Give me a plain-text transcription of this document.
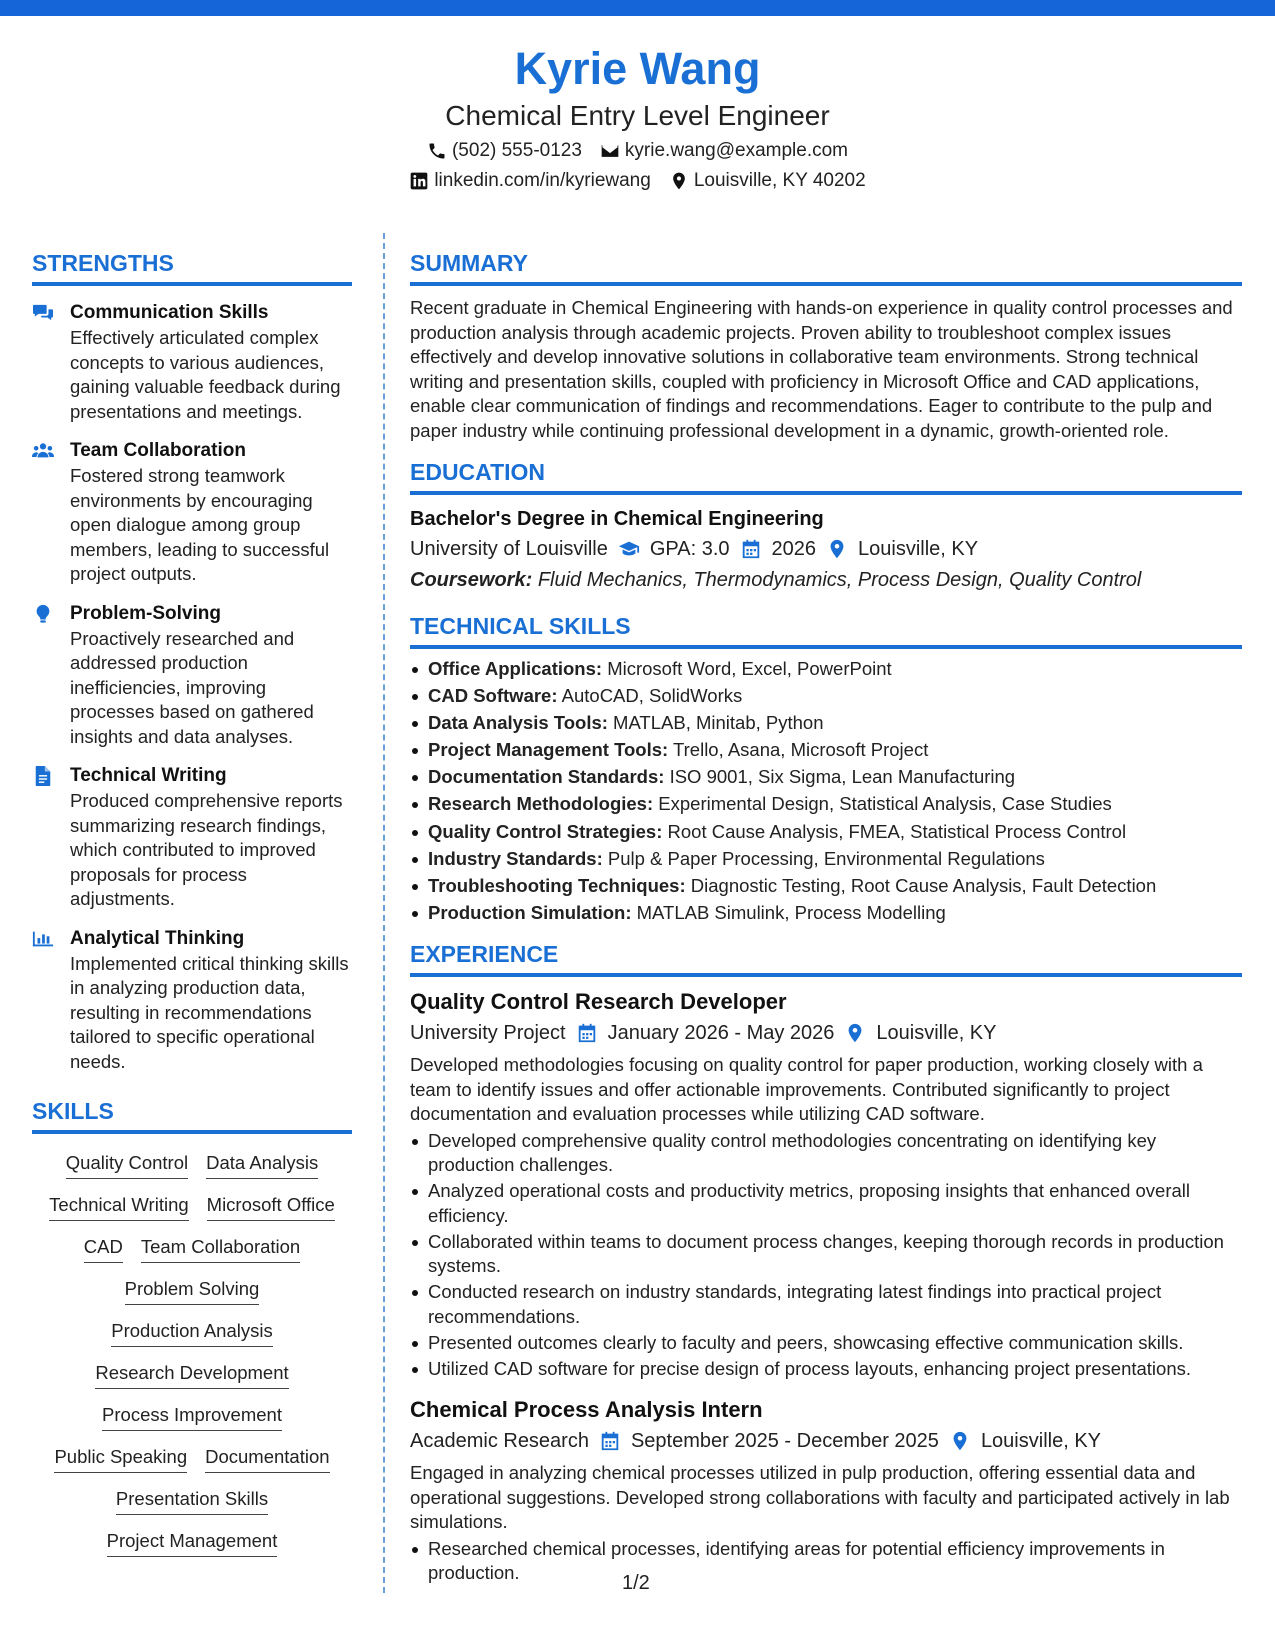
Kyrie Wang
Chemical Entry Level Engineer
(502) 555-0123 kyrie.wang@example.com
linkedin.com/in/kyriewang Louisville, KY 40202
STRENGTHS
Communication Skills
Effectively articulated complex concepts to various audiences, gaining valuable feedback during presentations and meetings.
Team Collaboration
Fostered strong teamwork environments by encouraging open dialogue among group members, leading to successful project outputs.
Problem-Solving
Proactively researched and addressed production inefficiencies, improving processes based on gathered insights and data analyses.
Technical Writing
Produced comprehensive reports summarizing research findings, which contributed to improved proposals for process adjustments.
Analytical Thinking
Implemented critical thinking skills in analyzing production data, resulting in recommendations tailored to specific operational needs.
SKILLS
Quality Control Data Analysis
Technical Writing Microsoft Office
CAD Team Collaboration
Problem Solving
Production Analysis
Research Development
Process Improvement
Public Speaking Documentation
Presentation Skills
Project Management
SUMMARY
Recent graduate in Chemical Engineering with hands-on experience in quality control processes and production analysis through academic projects. Proven ability to troubleshoot complex issues effectively and develop innovative solutions in collaborative team environments. Strong technical writing and presentation skills, coupled with proficiency in Microsoft Office and CAD applications, enable clear communication of findings and recommendations. Eager to contribute to the pulp and paper industry while continuing professional development in a dynamic, growth-oriented role.
EDUCATION
Bachelor's Degree in Chemical Engineering
University of Louisville GPA: 3.0 2026 Louisville, KY
Coursework: Fluid Mechanics, Thermodynamics, Process Design, Quality Control
TECHNICAL SKILLS
Office Applications: Microsoft Word, Excel, PowerPoint
CAD Software: AutoCAD, SolidWorks
Data Analysis Tools: MATLAB, Minitab, Python
Project Management Tools: Trello, Asana, Microsoft Project
Documentation Standards: ISO 9001, Six Sigma, Lean Manufacturing
Research Methodologies: Experimental Design, Statistical Analysis, Case Studies
Quality Control Strategies: Root Cause Analysis, FMEA, Statistical Process Control
Industry Standards: Pulp & Paper Processing, Environmental Regulations
Troubleshooting Techniques: Diagnostic Testing, Root Cause Analysis, Fault Detection
Production Simulation: MATLAB Simulink, Process Modelling
EXPERIENCE
Quality Control Research Developer
University Project January 2026 - May 2026 Louisville, KY
Developed methodologies focusing on quality control for paper production, working closely with a team to identify issues and offer actionable improvements. Contributed significantly to project documentation and evaluation processes while utilizing CAD software.
Developed comprehensive quality control methodologies concentrating on identifying key production challenges.
Analyzed operational costs and productivity metrics, proposing insights that enhanced overall efficiency.
Collaborated within teams to document process changes, keeping thorough records in production systems.
Conducted research on industry standards, integrating latest findings into practical project recommendations.
Presented outcomes clearly to faculty and peers, showcasing effective communication skills.
Utilized CAD software for precise design of process layouts, enhancing project presentations.
Chemical Process Analysis Intern
Academic Research September 2025 - December 2025 Louisville, KY
Engaged in analyzing chemical processes utilized in pulp production, offering essential data and operational suggestions. Developed strong collaborations with faculty and participated actively in lab simulations.
Researched chemical processes, identifying areas for potential efficiency improvements in production.	1/2
